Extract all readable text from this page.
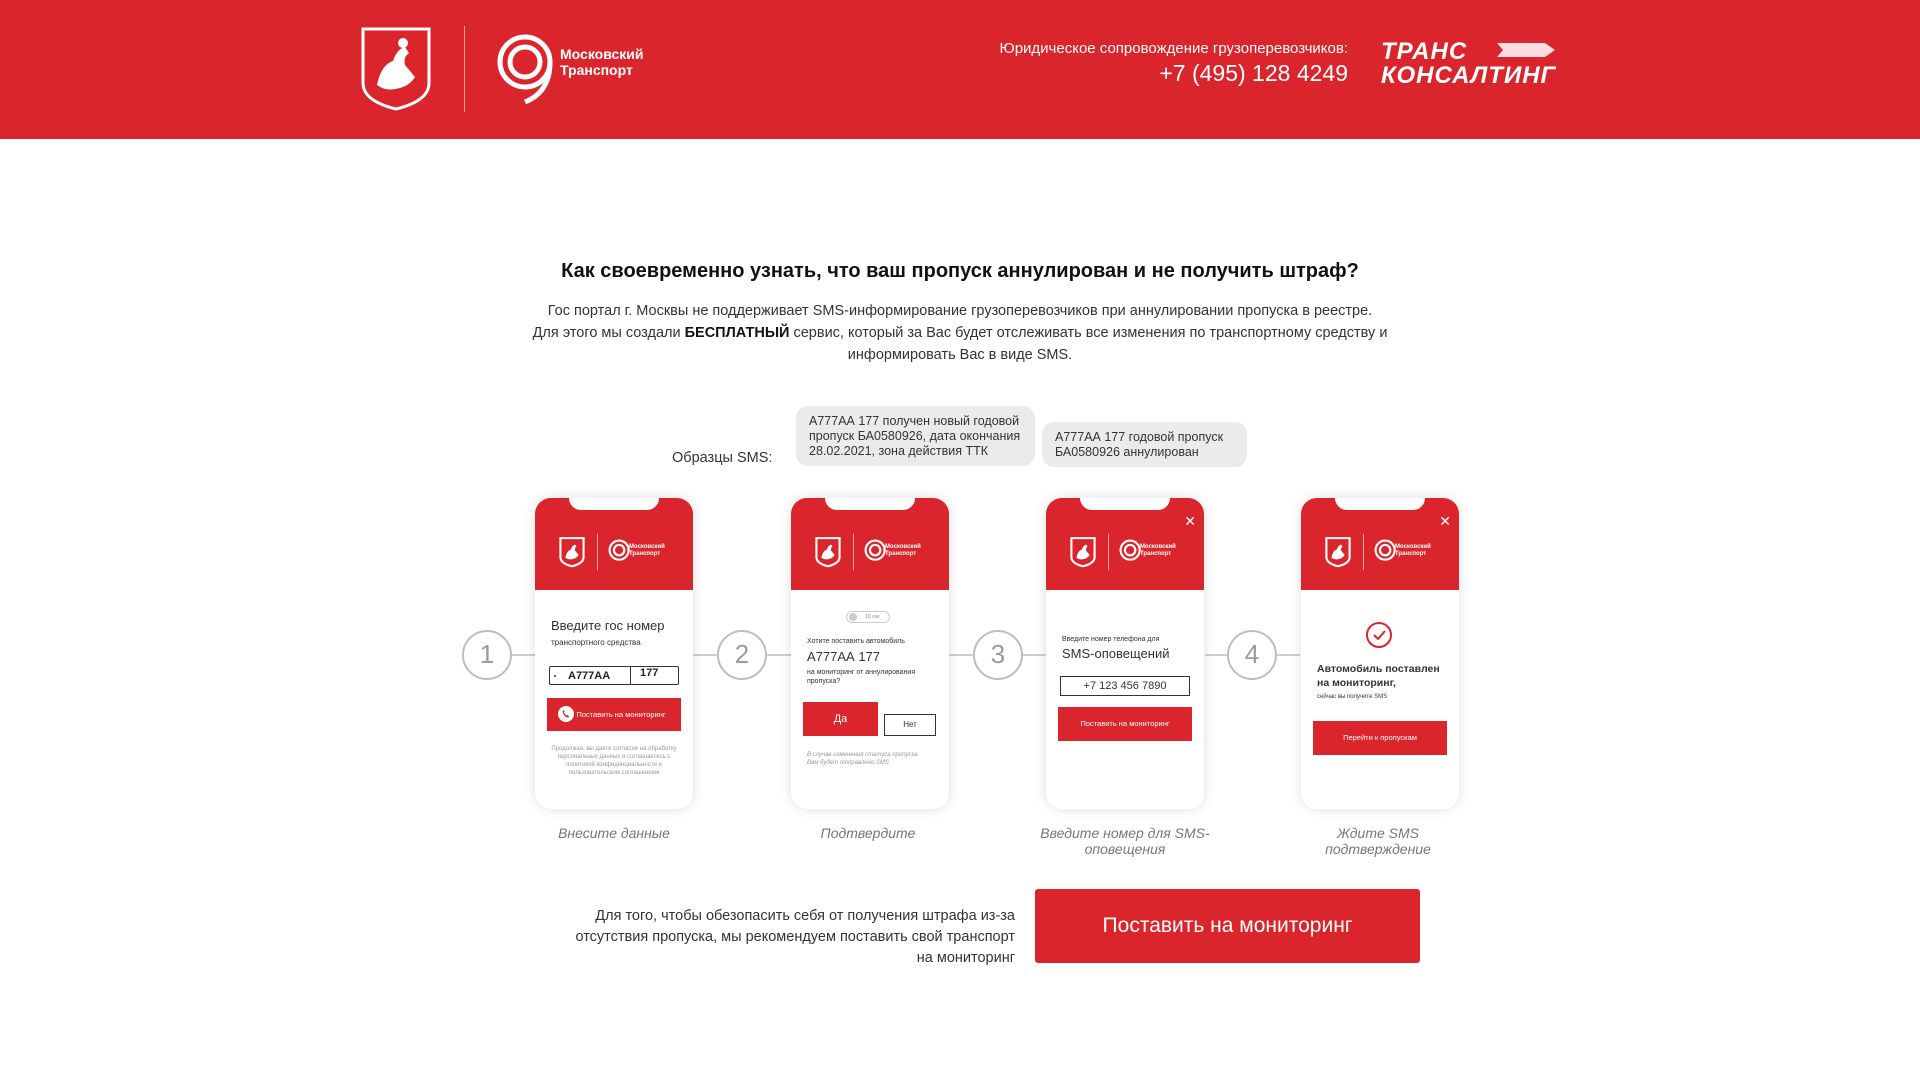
Московский
Транспорт
Юридическое сопровождение грузоперевозчиков:
+7 (495) 128 4249
ТРАНС
КОНСАЛТИНГ
Как своевременно узнать, что ваш пропуск аннулирован и не получить штраф?
Гос портал г. Москвы не поддерживает SMS-информирование грузоперевозчиков при аннулировании пропуска в реестре.
Для этого мы создали БЕСПЛАТНЫЙ сервис, который за Вас будет отслеживать все изменения по транспортному средству и
информировать Вас в виде SMS.
Образцы SMS:
А777АА 177 получен новый годовой пропуск БА0580926, дата окончания 28.02.2021, зона действия ТТК
А777АА 177 годовой пропуск БА0580926 аннулирован
1	2	3	4
Московский
Транспорт
Введите гос номер
транспортного средства
А777АА	177
Поставить на мониторинг
Продолжая, вы даете согласие на обработку персональных данных и соглашаетесь с политикой конфиденциальности и пользовательским соглашением
Московский
Транспорт
10 сек
Хотите поставить автомобиль
А777АА 177
на мониторинг от аннулирования пропуска?
Да	Нет
В случае изменения статуса пропуска Вам будет отправлено SMS
✕
Московский
Транспорт
Введите номер телефона для
SMS-оповещений
+7 123 456 7890
Поставить на мониторинг
✕
Московский
Транспорт
Автомобиль поставлен на мониторинг,
сейчас вы получите SMS
Перейти к пропускам
Внесите данные	Подтвердите	Введите номер для SMS-оповещения
Ждите SMS подтверждение
Для того, чтобы обезопасить себя от получения штрафа из-за отсутствия пропуска, мы рекомендуем поставить свой транспорт на мониторинг
Поставить на мониторинг
